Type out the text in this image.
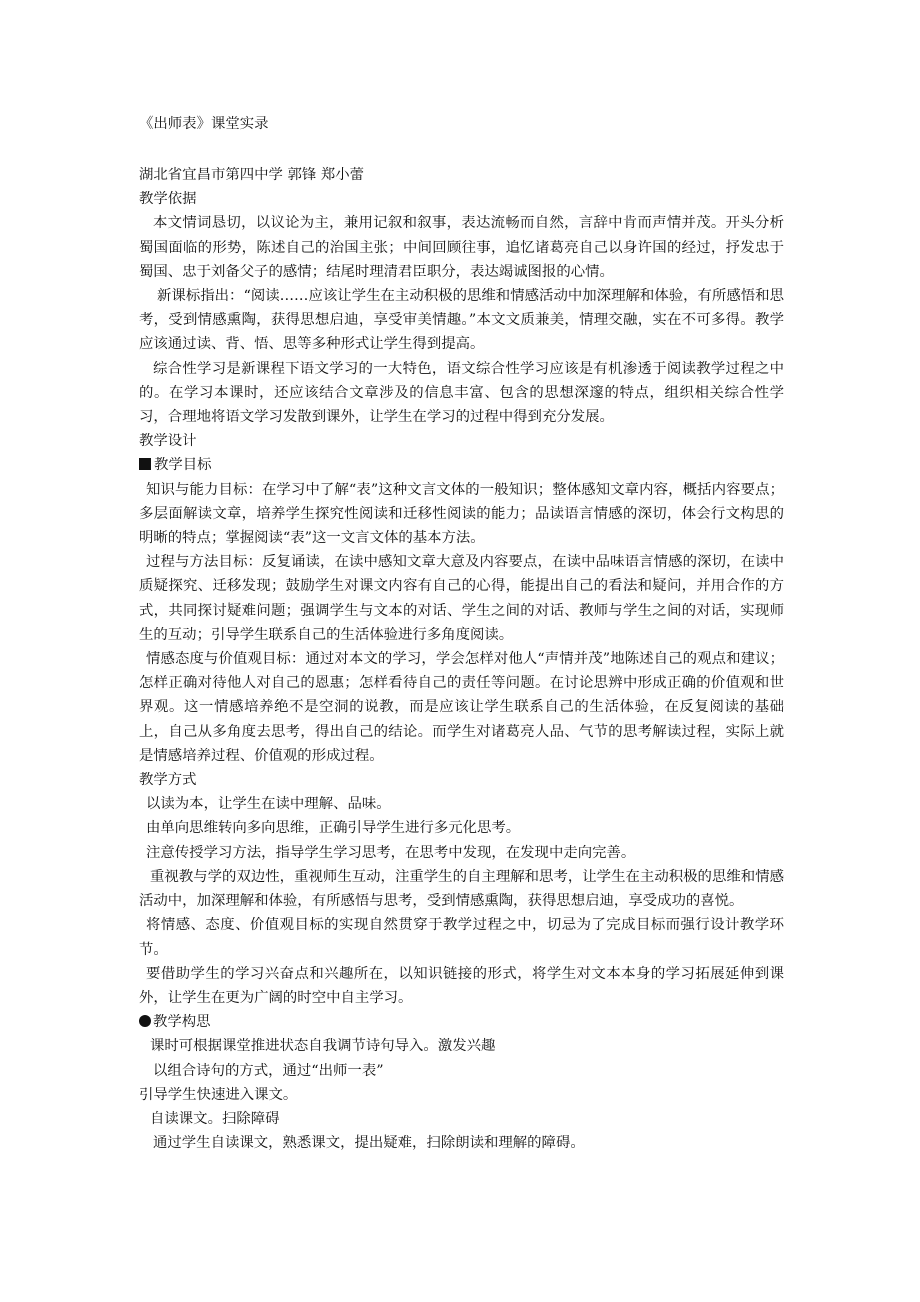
《出师表》课堂实录

湖北省宜昌市第四中学 郭锋 郑小蕾

教学依据

本文情词恳切，以议论为主，兼用记叙和叙事，表达流畅而自然，言辞中肯而声情并茂。开头分析蜀国面临的形势，陈述自己的治国主张；中间回顾往事，追忆诸葛亮自己以身许国的经过，抒发忠于蜀国、忠于刘备父子的感情；结尾时理清君臣职分，表达竭诚图报的心情。

新课标指出：“阅读……应该让学生在主动积极的思维和情感活动中加深理解和体验，有所感悟和思考，受到情感熏陶，获得思想启迪，享受审美情趣。”本文文质兼美，情理交融，实在不可多得。教学应该通过读、背、悟、思等多种形式让学生得到提高。

综合性学习是新课程下语文学习的一大特色，语文综合性学习应该是有机渗透于阅读教学过程之中的。在学习本课时，还应该结合文章涉及的信息丰富、包含的思想深邃的特点，组织相关综合性学习，合理地将语文学习发散到课外，让学生在学习的过程中得到充分发展。

教学设计

教学目标

知识与能力目标：在学习中了解“表”这种文言文体的一般知识；整体感知文章内容，概括内容要点；多层面解读文章，培养学生探究性阅读和迁移性阅读的能力；品读语言情感的深切，体会行文构思的明晰的特点；掌握阅读“表”这一文言文体的基本方法。

过程与方法目标：反复诵读，在读中感知文章大意及内容要点，在读中品味语言情感的深切，在读中质疑探究、迁移发现；鼓励学生对课文内容有自己的心得，能提出自己的看法和疑问，并用合作的方式，共同探讨疑难问题；强调学生与文本的对话、学生之间的对话、教师与学生之间的对话，实现师生的互动；引导学生联系自己的生活体验进行多角度阅读。

情感态度与价值观目标：通过对本文的学习，学会怎样对他人“声情并茂”地陈述自己的观点和建议；怎样正确对待他人对自己的恩惠；怎样看待自己的责任等问题。在讨论思辨中形成正确的价值观和世界观。这一情感培养绝不是空洞的说教，而是应该让学生联系自己的生活体验，在反复阅读的基础上，自己从多角度去思考，得出自己的结论。而学生对诸葛亮人品、气节的思考解读过程，实际上就是情感培养过程、价值观的形成过程。

教学方式

以读为本，让学生在读中理解、品味。

由单向思维转向多向思维，正确引导学生进行多元化思考。

注意传授学习方法，指导学生学习思考，在思考中发现，在发现中走向完善。

重视教与学的双边性，重视师生互动，注重学生的自主理解和思考，让学生在主动积极的思维和情感活动中，加深理解和体验，有所感悟与思考，受到情感熏陶，获得思想启迪，享受成功的喜悦。

将情感、态度、价值观目标的实现自然贯穿于教学过程之中，切忌为了完成目标而强行设计教学环节。

要借助学生的学习兴奋点和兴趣所在，以知识链接的形式，将学生对文本本身的学习拓展延伸到课外，让学生在更为广阔的时空中自主学习。

教学构思

课时可根据课堂推进状态自我调节诗句导入。激发兴趣

以组合诗句的方式，通过“出师一表”

引导学生快速进入课文。

自读课文。扫除障碍

通过学生自读课文，熟悉课文，提出疑难，扫除朗读和理解的障碍。
